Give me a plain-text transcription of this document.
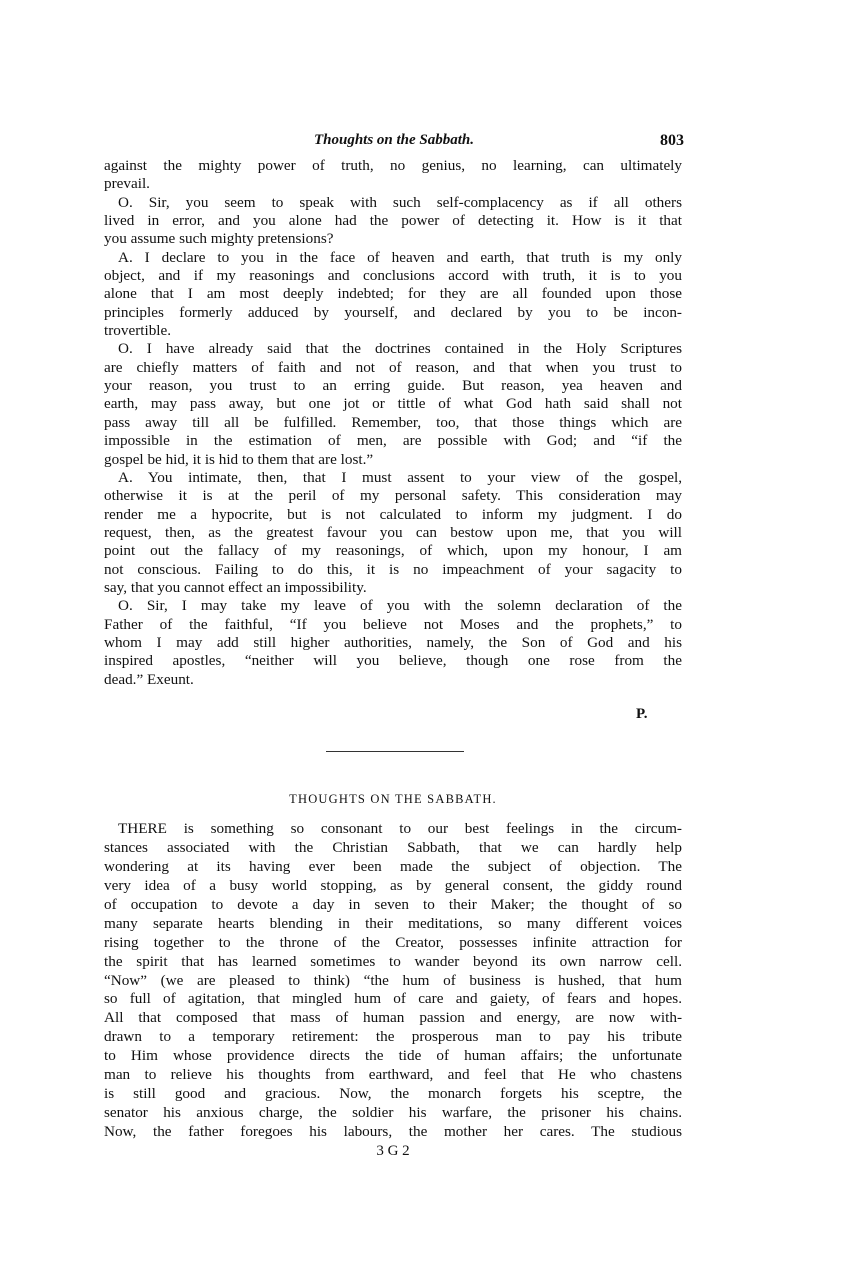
Thoughts on the Sabbath.	803
against the mighty power of truth, no genius, no learning, can ultimately
prevail.
O. Sir, you seem to speak with such self-complacency as if all others
lived in error, and you alone had the power of detecting it. How is it that
you assume such mighty pretensions?
A. I declare to you in the face of heaven and earth, that truth is my only
object, and if my reasonings and conclusions accord with truth, it is to you
alone that I am most deeply indebted; for they are all founded upon those
principles formerly adduced by yourself, and declared by you to be incon-
trovertible.
O. I have already said that the doctrines contained in the Holy Scriptures
are chiefly matters of faith and not of reason, and that when you trust to
your reason, you trust to an erring guide. But reason, yea heaven and
earth, may pass away, but one jot or tittle of what God hath said shall not
pass away till all be fulfilled. Remember, too, that those things which are
impossible in the estimation of men, are possible with God; and “if the
gospel be hid, it is hid to them that are lost.”
A. You intimate, then, that I must assent to your view of the gospel,
otherwise it is at the peril of my personal safety. This consideration may
render me a hypocrite, but is not calculated to inform my judgment. I do
request, then, as the greatest favour you can bestow upon me, that you will
point out the fallacy of my reasonings, of which, upon my honour, I am
not conscious. Failing to do this, it is no impeachment of your sagacity to
say, that you cannot effect an impossibility.
O. Sir, I may take my leave of you with the solemn declaration of the
Father of the faithful, “If you believe not Moses and the prophets,” to
whom I may add still higher authorities, namely, the Son of God and his
inspired apostles, “neither will you believe, though one rose from the
dead.” Exeunt.
P.
THOUGHTS ON THE SABBATH.
THERE is something so consonant to our best feelings in the circum-
stances associated with the Christian Sabbath, that we can hardly help
wondering at its having ever been made the subject of objection. The
very idea of a busy world stopping, as by general consent, the giddy round
of occupation to devote a day in seven to their Maker; the thought of so
many separate hearts blending in their meditations, so many different voices
rising together to the throne of the Creator, possesses infinite attraction for
the spirit that has learned sometimes to wander beyond its own narrow cell.
“Now” (we are pleased to think) “the hum of business is hushed, that hum
so full of agitation, that mingled hum of care and gaiety, of fears and hopes.
All that composed that mass of human passion and energy, are now with-
drawn to a temporary retirement: the prosperous man to pay his tribute
to Him whose providence directs the tide of human affairs; the unfortunate
man to relieve his thoughts from earthward, and feel that He who chastens
is still good and gracious. Now, the monarch forgets his sceptre, the
senator his anxious charge, the soldier his warfare, the prisoner his chains.
Now, the father foregoes his labours, the mother her cares. The studious
3 G 2
